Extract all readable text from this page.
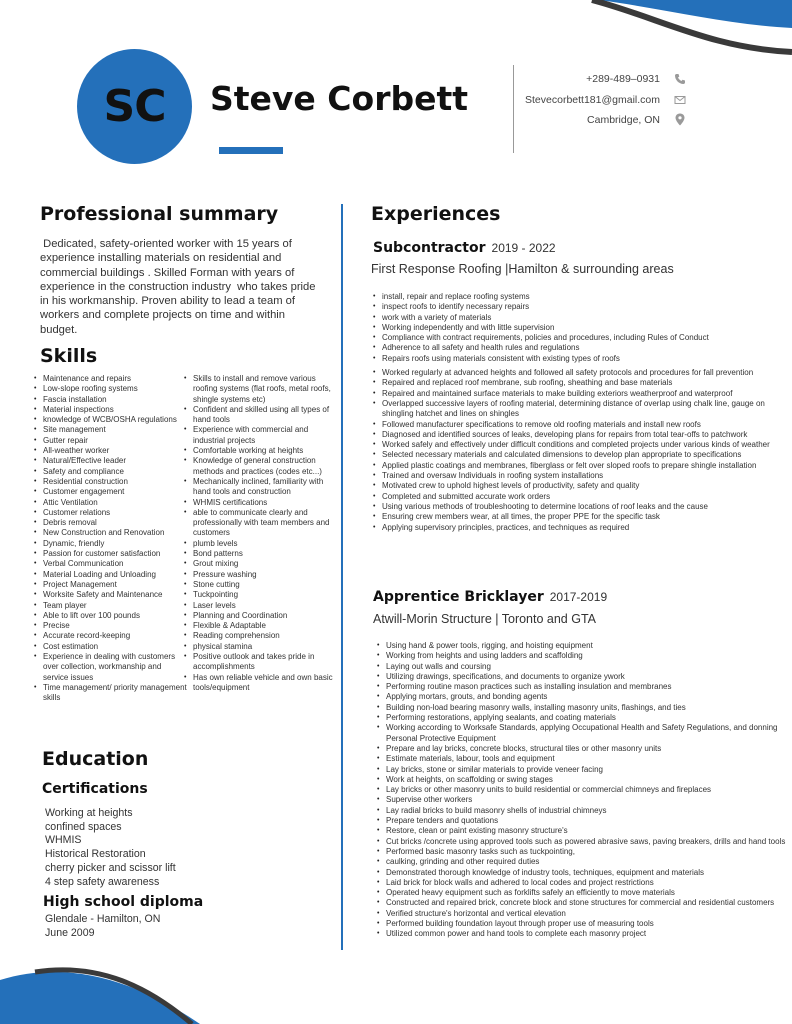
SC Steve Corbett	+289-489–0931
Stevecorbett181@gmail.com
Cambridge, ON
Professional summary
Dedicated, safety-oriented worker with 15 years of experience installing materials on residential and commercial buildings . Skilled Forman with years of experience in the construction industry  who takes pride in his workmanship. Proven ability to lead a team of workers and complete projects on time and within budget.
Skills
• Maintenance and repairs
• Low-slope roofing systems
• Fascia installation
• Material inspections
• knowledge of WCB/OSHA regulations
• Site management
• Gutter repair
• All-weather worker
• Natural/Effective leader
• Safety and compliance
• Residential construction
• Customer engagement
• Attic Ventilation
• Customer relations
• Debris removal
• New Construction and Renovation
• Dynamic, friendly
• Passion for customer satisfaction
• Verbal Communication
• Material Loading and Unloading
• Project Management
• Worksite Safety and Maintenance
• Team player
• Able to lift over 100 pounds
• Precise
• Accurate record-keeping
• Cost estimation
• Experience in dealing with customers over collection, workmanship and service issues
• Time management/ priority management skills
• Skills to install and remove various roofing systems (flat roofs, metal roofs, shingle systems etc)
• Confident and skilled using all types of hand tools
• Experience with commercial and industrial projects
• Comfortable working at heights
• Knowledge of general construction methods and practices (codes etc...)
• Mechanically inclined, familiarity with hand tools and construction
• WHMIS certifications
• able to communicate clearly and professionally with team members and customers
• plumb levels
• Bond patterns
• Grout mixing
• Pressure washing
• Stone cutting
• Tuckpointing
• Laser levels
• Planning and Coordination
• Flexible & Adaptable
• Reading comprehension
• physical stamina
• Positive outlook and takes pride in accomplishments
• Has own reliable vehicle and own basic tools/equipment
Education
Certifications
Working at heights
confined spaces
WHMIS
Historical Restoration
cherry picker and scissor lift
4 step safety awareness
High school diploma
Glendale - Hamilton, ON
June 2009
Experiences
Subcontractor 2019 - 2022
First Response Roofing |Hamilton & surrounding areas
• install, repair and replace roofing systems
• inspect roofs to identify necessary repairs
• work with a variety of materials
• Working independently and with little supervision
• Compliance with contract requirements, policies and procedures, including Rules of Conduct
• Adherence to all safety and health rules and regulations
• Repairs roofs using materials consistent with existing types of roofs
• Worked regularly at advanced heights and followed all safety protocols and procedures for fall prevention
• Repaired and replaced roof membrane, sub roofing, sheathing and base materials
• Repaired and maintained surface materials to make building exteriors weatherproof and waterproof
• Overlapped successive layers of roofing material, determining distance of overlap using chalk line, gauge on shingling hatchet and lines on shingles
• Followed manufacturer specifications to remove old roofing materials and install new roofs
• Diagnosed and identified sources of leaks, developing plans for repairs from total tear-offs to patchwork
• Worked safely and effectively under difficult conditions and completed projects under various kinds of weather
• Selected necessary materials and calculated dimensions to develop plan appropriate to specifications
• Applied plastic coatings and membranes, fiberglass or felt over sloped roofs to prepare shingle installation
• Trained and oversaw Individuals in roofing system installations
• Motivated crew to uphold highest levels of productivity, safety and quality
• Completed and submitted accurate work orders
• Using various methods of troubleshooting to determine locations of roof leaks and the cause
• Ensuring crew members wear, at all times, the proper PPE for the specific task
• Applying supervisory principles, practices, and techniques as required
Apprentice Bricklayer 2017-2019
Atwill-Morin Structure | Toronto and GTA
• Using hand & power tools, rigging, and hoisting equipment
• Working from heights and using ladders and scaffolding
• Laying out walls and coursing
• Utilizing drawings, specifications, and documents to organize ywork
• Performing routine mason practices such as installing insulation and membranes
• Applying mortars, grouts, and bonding agents
• Building non-load bearing masonry walls, installing masonry units, flashings, and ties
• Performing restorations, applying sealants, and coating materials
• Working according to Worksafe Standards, applying Occupational Health and Safety Regulations, and donning Personal Protective Equipment
• Prepare and lay bricks, concrete blocks, structural tiles or other masonry units
• Estimate materials, labour, tools and equipment
• Lay bricks, stone or similar materials to provide veneer facing
• Work at heights, on scaffolding or swing stages
• Lay bricks or other masonry units to build residential or commercial chimneys and fireplaces
• Supervise other workers
• Lay radial bricks to build masonry shells of industrial chimneys
• Prepare tenders and quotations
• Restore, clean or paint existing masonry structure's
• Cut bricks /concrete using approved tools such as powered abrasive saws, paving breakers, drills and hand tools
• Performed basic masonry tasks such as tuckpointing,
• caulking, grinding and other required duties
• Demonstrated thorough knowledge of industry tools, techniques, equipment and materials
• Laid brick for block walls and adhered to local codes and project restrictions
• Operated heavy equipment such as forklifts safely an efficiently to move materials
• Constructed and repaired brick, concrete block and stone structures for commercial and residential customers
• Verified structure's horizontal and vertical elevation
• Performed building foundation layout through proper use of measuring tools
• Utilized common power and hand tools to complete each masonry project
